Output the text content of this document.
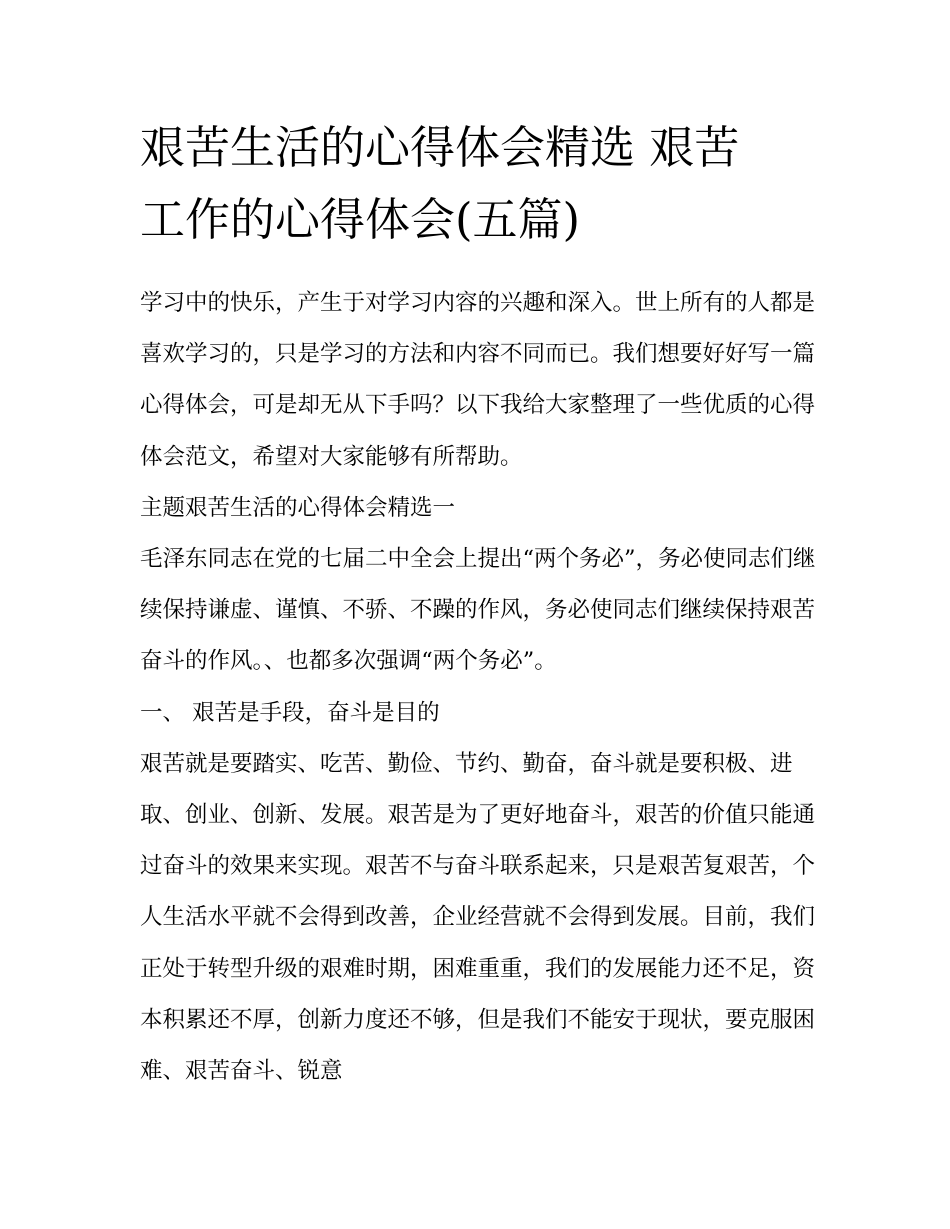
艰苦生活的心得体会精选 艰苦
工作的心得体会(五篇)

学习中的快乐，产生于对学习内容的兴趣和深入。世上所有的人都是喜欢学习的，只是学习的方法和内容不同而已。我们想要好好写一篇心得体会，可是却无从下手吗？以下我给大家整理了一些优质的心得体会范文，希望对大家能够有所帮助。

主题艰苦生活的心得体会精选一

毛泽东同志在党的七届二中全会上提出“两个务必”，务必使同志们继续保持谦虚、谨慎、不骄、不躁的作风，务必使同志们继续保持艰苦奋斗的作风。、也都多次强调“两个务必”。

一、 艰苦是手段，奋斗是目的

艰苦就是要踏实、吃苦、勤俭、节约、勤奋，奋斗就是要积极、进取、创业、创新、发展。艰苦是为了更好地奋斗，艰苦的价值只能通过奋斗的效果来实现。艰苦不与奋斗联系起来，只是艰苦复艰苦，个人生活水平就不会得到改善，企业经营就不会得到发展。目前，我们正处于转型升级的艰难时期，困难重重，我们的发展能力还不足，资本积累还不厚，创新力度还不够，但是我们不能安于现状，要克服困难、艰苦奋斗、锐意
